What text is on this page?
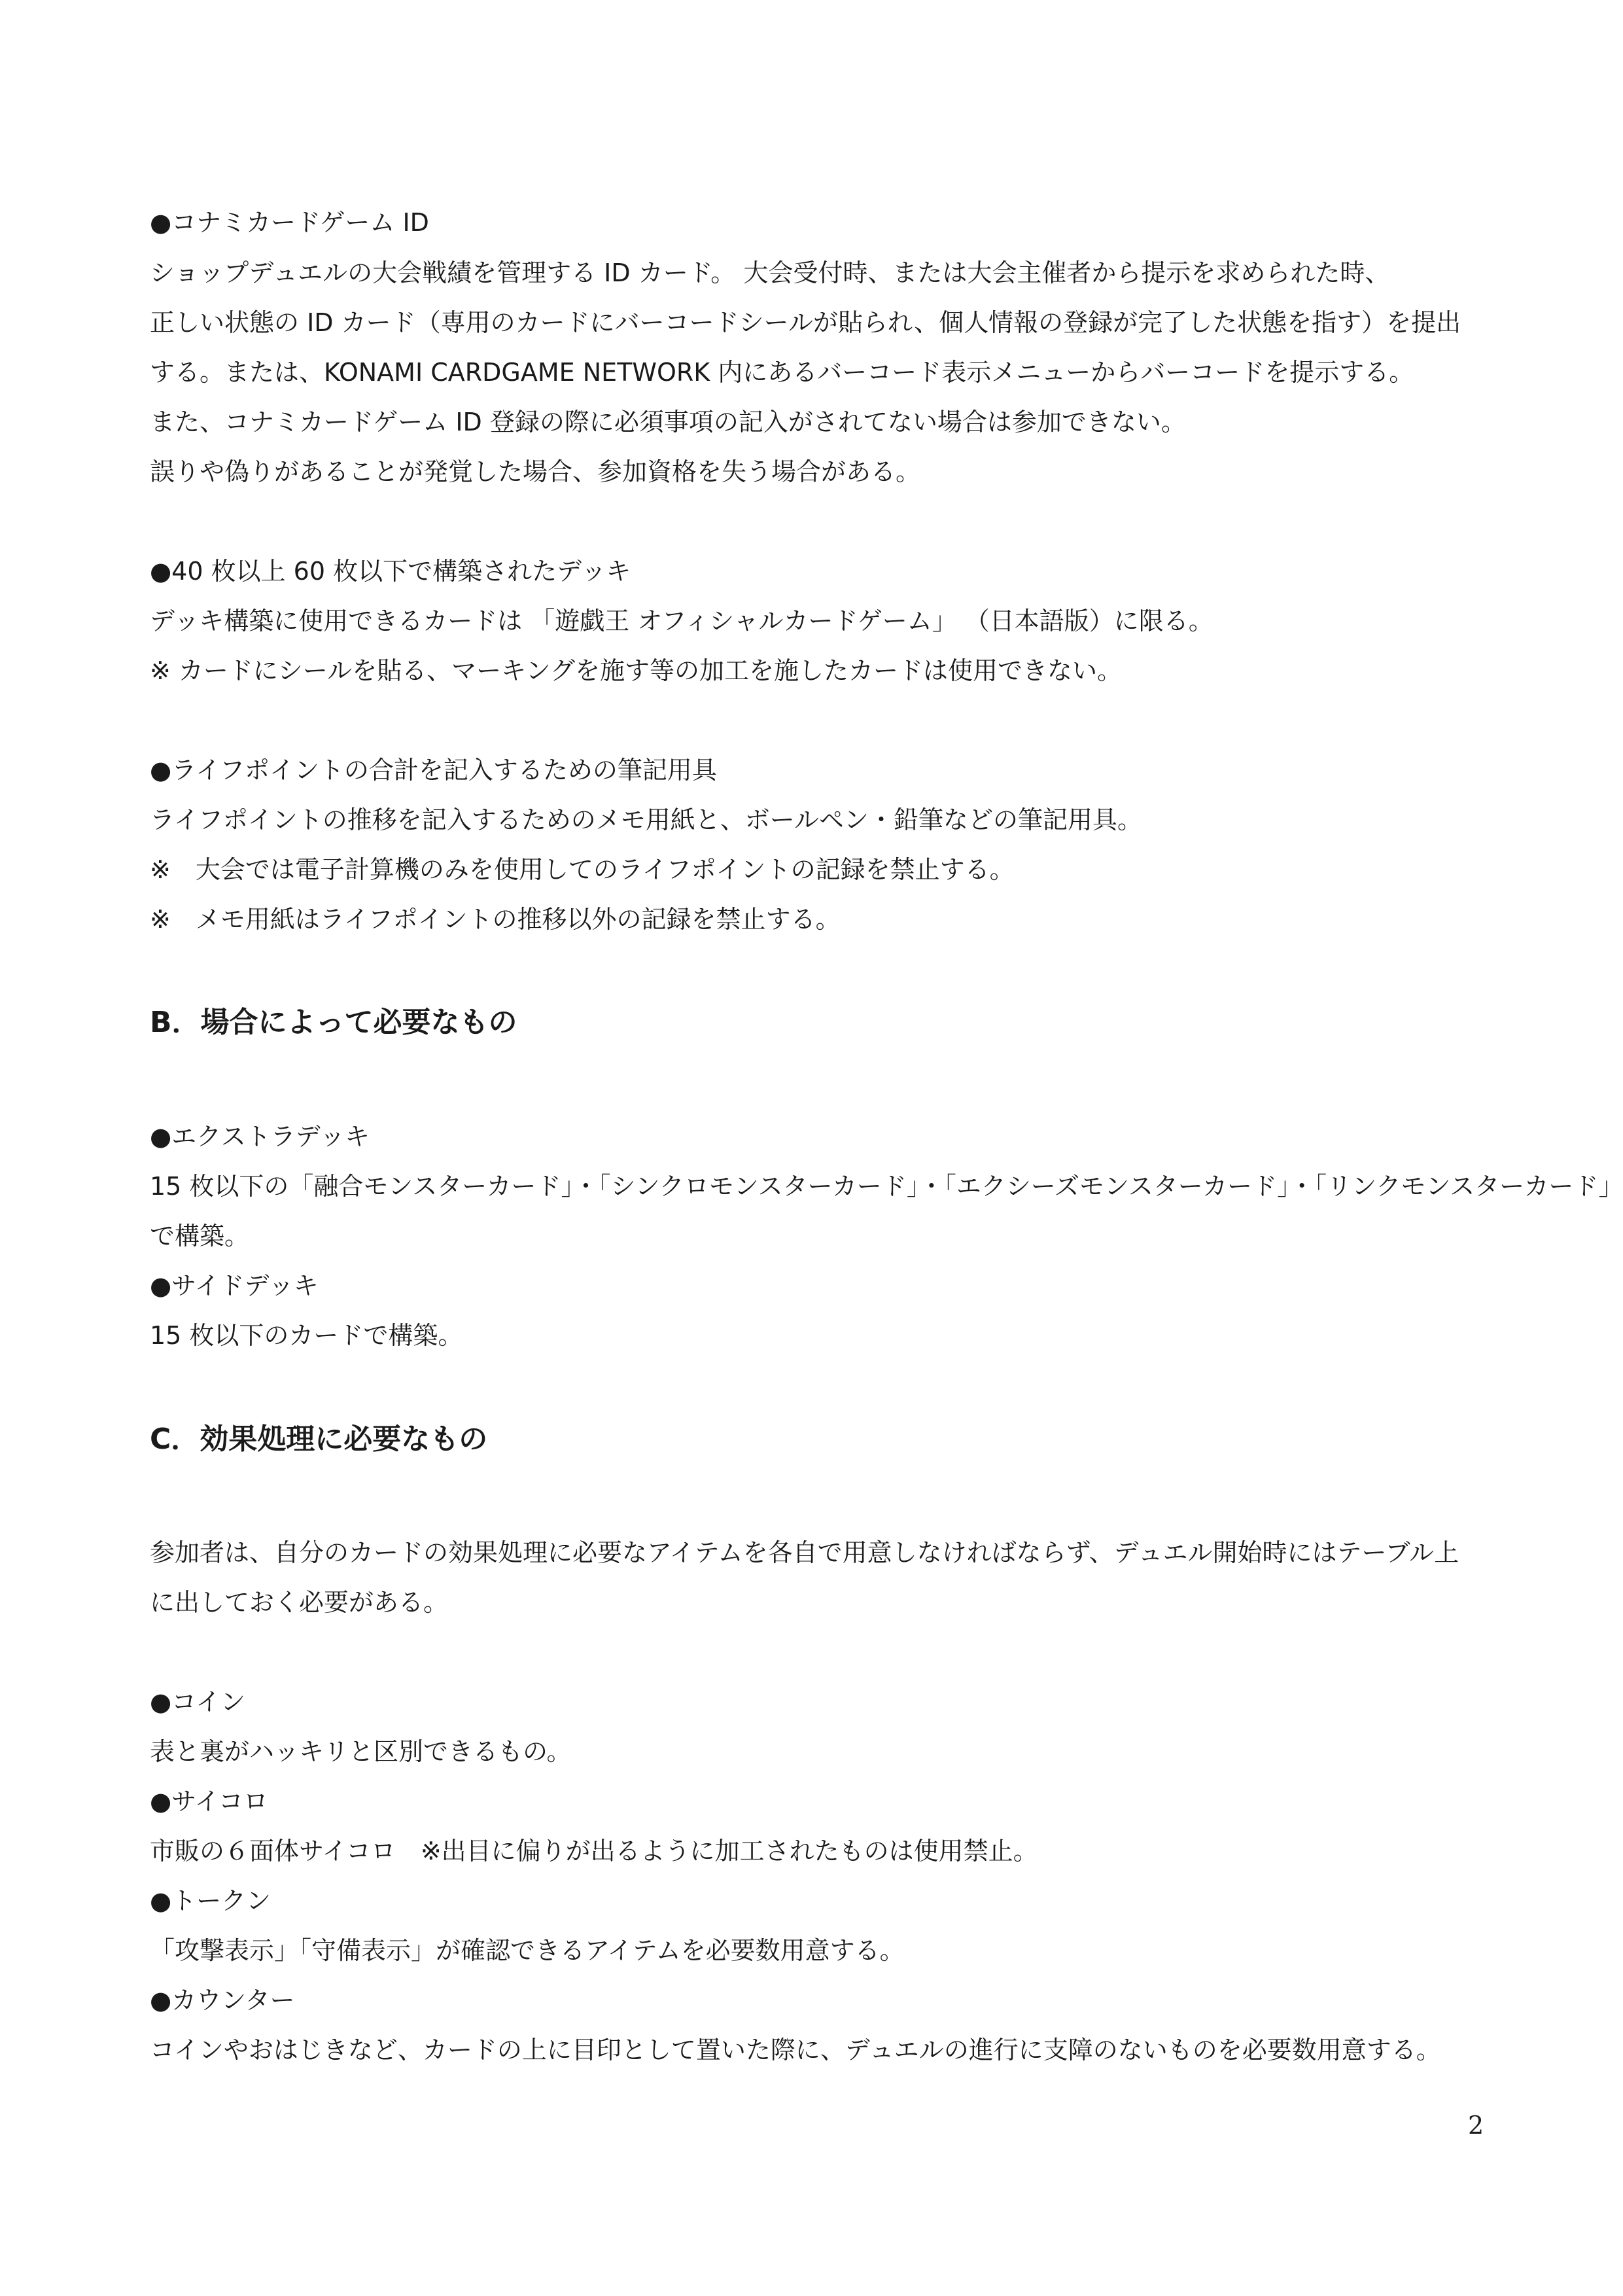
●コナミカードゲーム ID
ショップデュエルの大会戦績を管理する ID カード。 大会受付時、または大会主催者から提示を求められた時、
正しい状態の ID カード（専用のカードにバーコードシールが貼られ、個人情報の登録が完了した状態を指す）を提出
する。または、KONAMI CARDGAME NETWORK 内にあるバーコード表示メニューからバーコードを提示する。
また、コナミカードゲーム ID 登録の際に必須事項の記入がされてない場合は参加できない。
誤りや偽りがあることが発覚した場合、参加資格を失う場合がある。
●40 枚以上 60 枚以下で構築されたデッキ
デッキ構築に使用できるカードは 「遊戯王 オフィシャルカードゲーム」 （日本語版）に限る。
※ カードにシールを貼る、マーキングを施す等の加工を施したカードは使用できない。
●ライフポイントの合計を記入するための筆記用具
ライフポイントの推移を記入するためのメモ用紙と、ボールペン・鉛筆などの筆記用具。
※　大会では電子計算機のみを使用してのライフポイントの記録を禁止する。
※　メモ用紙はライフポイントの推移以外の記録を禁止する。
B．場合によって必要なもの
●エクストラデッキ
15 枚以下の「融合モンスターカード」・「シンクロモンスターカード」・「エクシーズモンスターカード」・「リンクモンスターカード」
で構築。
●サイドデッキ
15 枚以下のカードで構築。
C．効果処理に必要なもの
参加者は、自分のカードの効果処理に必要なアイテムを各自で用意しなければならず、デュエル開始時にはテーブル上
に出しておく必要がある。
●コイン
表と裏がハッキリと区別できるもの。
●サイコロ
市販の６面体サイコロ　※出目に偏りが出るように加工されたものは使用禁止。
●トークン
「攻撃表示」「守備表示」が確認できるアイテムを必要数用意する。
●カウンター
コインやおはじきなど、カードの上に目印として置いた際に、デュエルの進行に支障のないものを必要数用意する。
2
